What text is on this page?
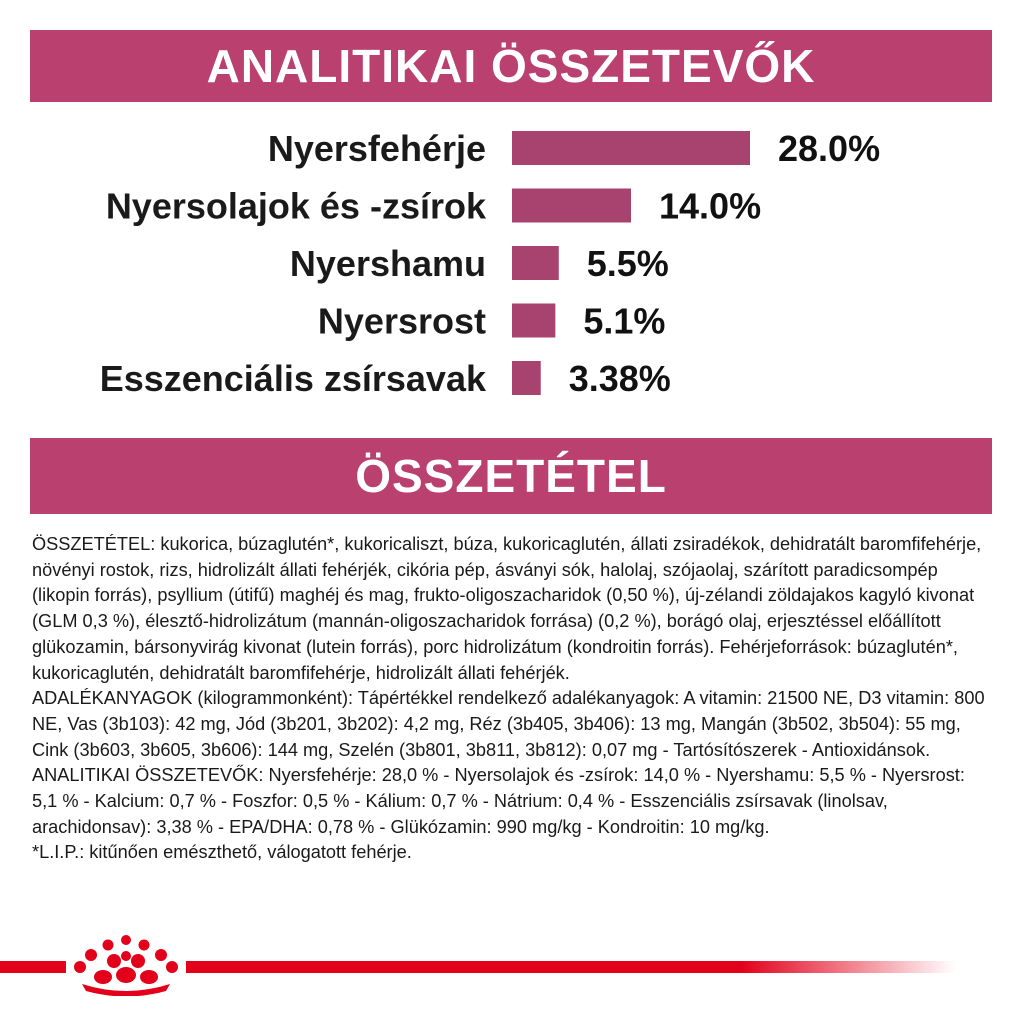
ANALITIKAI ÖSSZETEVŐK
Nyersfehérje	28.0%
Nyersolajok és -zsírok	14.0%
Nyershamu	5.5%
Nyersrost	5.1%
Esszenciális zsírsavak 3.38%
ÖSSZETÉTEL

ÖSSZETÉTEL: kukorica, búzaglutén*, kukoricaliszt, búza, kukoricaglutén, állati zsiradékok, dehidratált baromfifehérje, növényi rostok, rizs, hidrolizált állati fehérjék, cikória pép, ásványi sók, halolaj, szójaolaj, szárított paradicsompép (likopin forrás), psyllium (útifű) maghéj és mag, frukto-oligoszacharidok (0,50 %), új-zélandi zöldajakos kagyló kivonat (GLM 0,3 %), élesztő-hidrolizátum (mannán-oligoszacharidok forrása) (0,2 %), borágó olaj, erjesztéssel előállított glükozamin, bársonyvirág kivonat (lutein forrás), porc hidrolizátum (kondroitin forrás). Fehérjeforrások: búzaglutén*, kukoricaglutén, dehidratált baromfifehérje, hidrolizált állati fehérjék.

ADALÉKANYAGOK (kilogrammonként): Tápértékkel rendelkező adalékanyagok: A vitamin: 21500 NE, D3 vitamin: 800 NE, Vas (3b103): 42 mg, Jód (3b201, 3b202): 4,2 mg, Réz (3b405, 3b406): 13 mg, Mangán (3b502, 3b504): 55 mg, Cink (3b603, 3b605, 3b606): 144 mg, Szelén (3b801, 3b811, 3b812): 0,07 mg - Tartósítószerek - Antioxidánsok.

ANALITIKAI ÖSSZETEVŐK: Nyersfehérje: 28,0 % - Nyersolajok és -zsírok: 14,0 % - Nyershamu: 5,5 % - Nyersrost: 5,1 % - Kalcium: 0,7 % - Foszfor: 0,5 % - Kálium: 0,7 % - Nátrium: 0,4 % - Esszenciális zsírsavak (linolsav, arachidonsav): 3,38 % - EPA/DHA: 0,78 % - Glükózamin: 990 mg/kg - Kondroitin: 10 mg/kg.

*L.I.P.: kitűnően emészthető, válogatott fehérje.
